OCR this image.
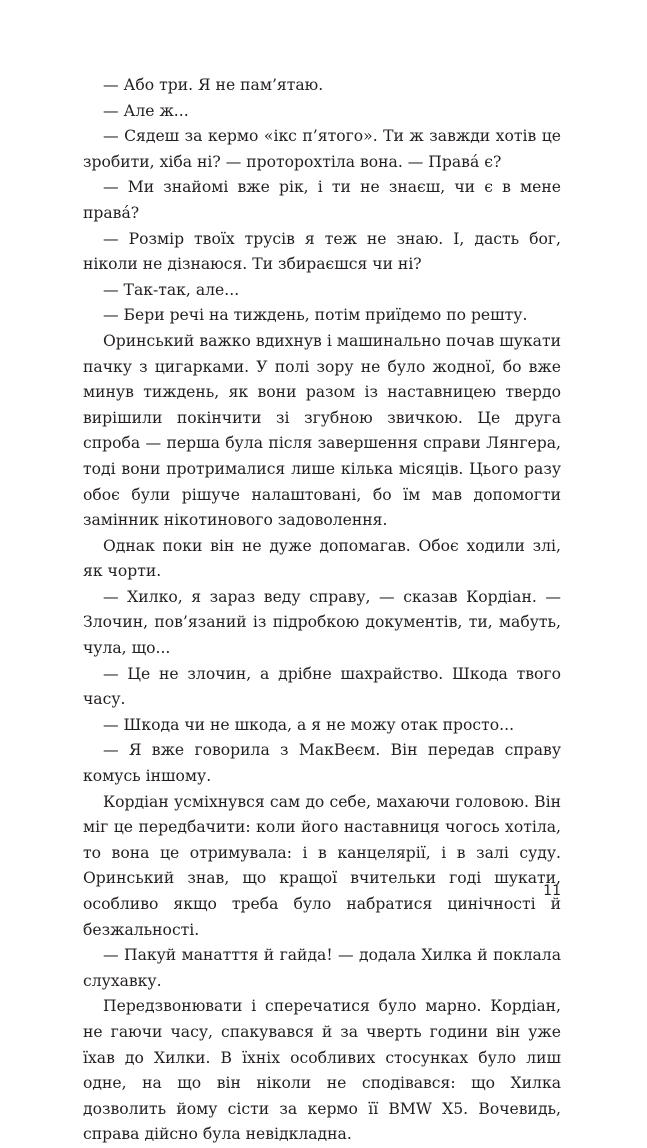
— Або три. Я не пам’ятаю.

— Але ж...

— Сядеш за кермо «ікс п’ятого». Ти ж завжди хотів це зробити, хіба ні? — проторохтіла вона. — Права́ є?

— Ми знайомі вже рік, і ти не знаєш, чи є в мене права́?

— Розмір твоїх трусів я теж не знаю. І, дасть бог, ніколи не дізнаюся. Ти збираєшся чи ні?

— Так-так, але...

— Бери речі на тиждень, потім приїдемо по решту.

Оринський важко вдихнув і машинально почав шукати пачку з цигарками. У полі зору не було жодної, бо вже минув тиждень, як вони разом із наставницею твердо вирішили покінчити зі згубною звичкою. Це друга спроба — перша була після завершення справи Лянгера, тоді вони протрималися лише кілька місяців. Цього разу обоє були рішуче налаштовані, бо їм мав допомогти замінник нікотинового задоволення.

Однак поки він не дуже допомагав. Обоє ходили злі, як чорти.

— Хилко, я зараз веду справу, — сказав Кордіан. — Злочин, пов’язаний із підробкою документів, ти, мабуть, чула, що...

— Це не злочин, а дрібне шахрайство. Шкода твого часу.

— Шкода чи не шкода, а я не можу отак просто...

— Я вже говорила з МакВеєм. Він передав справу комусь іншому.

Кордіан усміхнувся сам до себе, махаючи головою. Він міг це передбачити: коли його наставниця чогось хотіла, то вона це отримувала: і в канцелярії, і в залі суду. Оринський знав, що кращої вчительки годі шукати, особливо якщо треба було набратися цинічності й безжальності.

— Пакуй манатття й гайда! — додала Хилка й поклала слухавку.

Передзвонювати і сперечатися було марно. Кордіан, не гаючи часу, спакувався й за чверть години він уже їхав до Хилки. В їхніх особливих стосунках було лиш одне, на що він ніколи не сподівався: що Хилка дозволить йому сісти за кермо її BMW X5. Вочевидь, справа дійсно була невідкладна.

11
